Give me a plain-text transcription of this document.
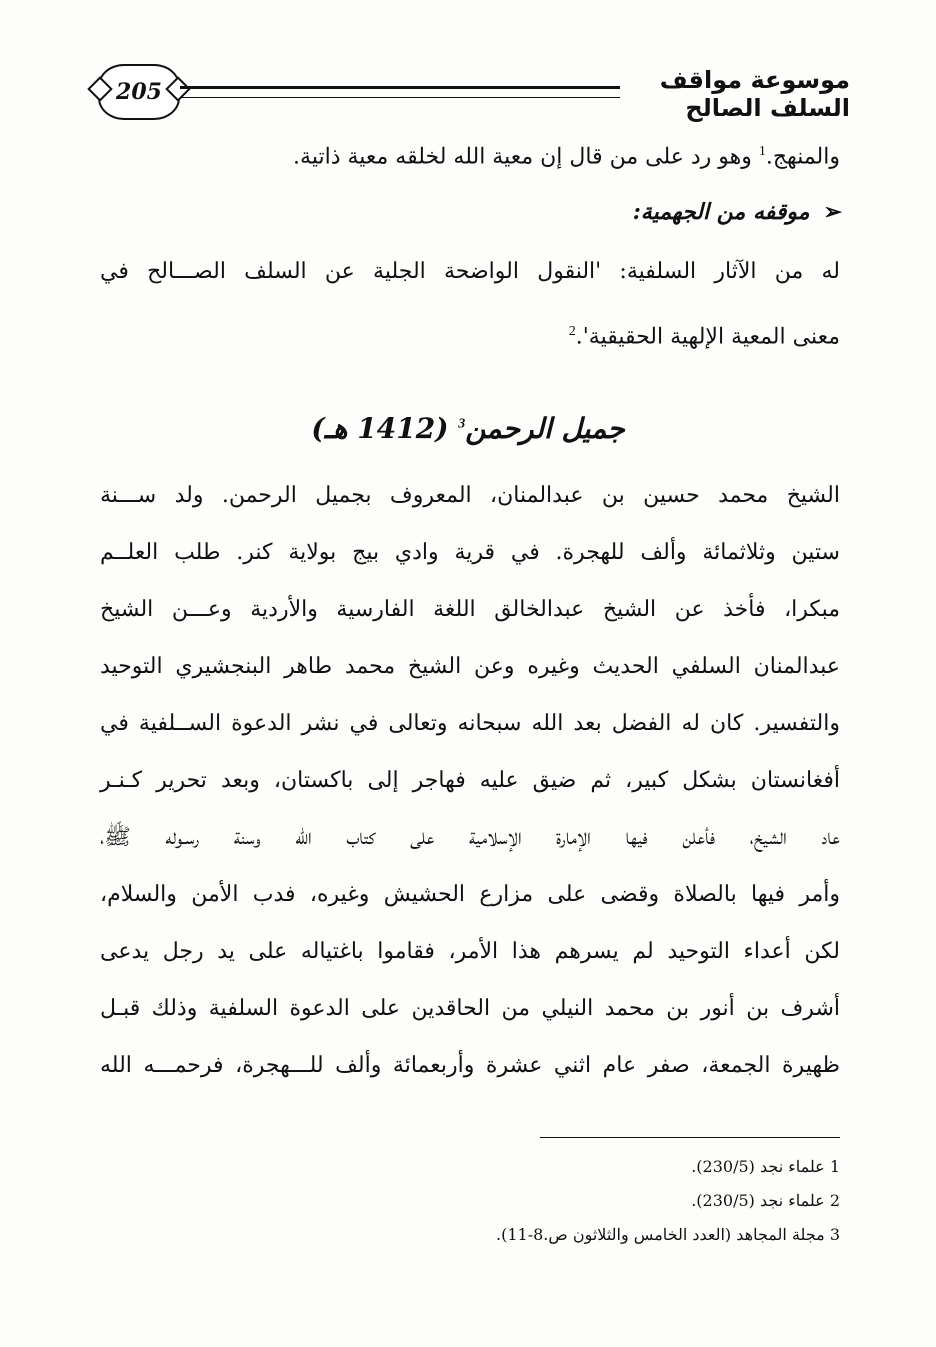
205	موسوعة مواقف السلف الصالح
والمنهج.$^1$ وهو رد على من قال إن معية الله لخلقه معية ذاتية.
➢موقفه من الجهمية:
له من الآثار السلفية: 'النقول الواضحة الجلية عن السلف الصـــالح في
معنى المعية الإلهية الحقيقية'.$^2$
جميل الرحمن$^3$ (1412 هـ)
الشيخ محمد حسين بن عبدالمنان، المعروف بجميل الرحمن. ولد ســـنة
ستين وثلاثمائة وألف للهجرة. في قرية وادي بيج بولاية كنر. طلب العلــم
مبكرا، فأخذ عن الشيخ عبدالخالق اللغة الفارسية والأردية وعـــن الشيخ
عبدالمنان السلفي الحديث وغيره وعن الشيخ محمد طاهر البنجشيري التوحيد
والتفسير. كان له الفضل بعد الله سبحانه وتعالى في نشر الدعوة الســلفية في
أفغانستان بشكل كبير، ثم ضيق عليه فهاجر إلى باكستان، وبعد تحرير كـنـر
عاد الشيخ، فأعلن فيها الإمارة الإسلامية على كتاب الله وسنة رسـوله ﷺ،
وأمر فيها بالصلاة وقضى على مزارع الحشيش وغيره، فدب الأمن والسلام،
لكن أعداء التوحيد لم يسرهم هذا الأمر، فقاموا باغتياله على يد رجل يدعى
أشرف بن أنور بن محمد النيلي من الحاقدين على الدعوة السلفية وذلك قبـل
ظهيرة الجمعة، صفر عام اثني عشرة وأربعمائة وألف للـــهجرة، فرحمـــه الله
1 علماء نجد (230/5).
2 علماء نجد (230/5).
3 مجلة المجاهد (العدد الخامس والثلاثون ص.8-11).
